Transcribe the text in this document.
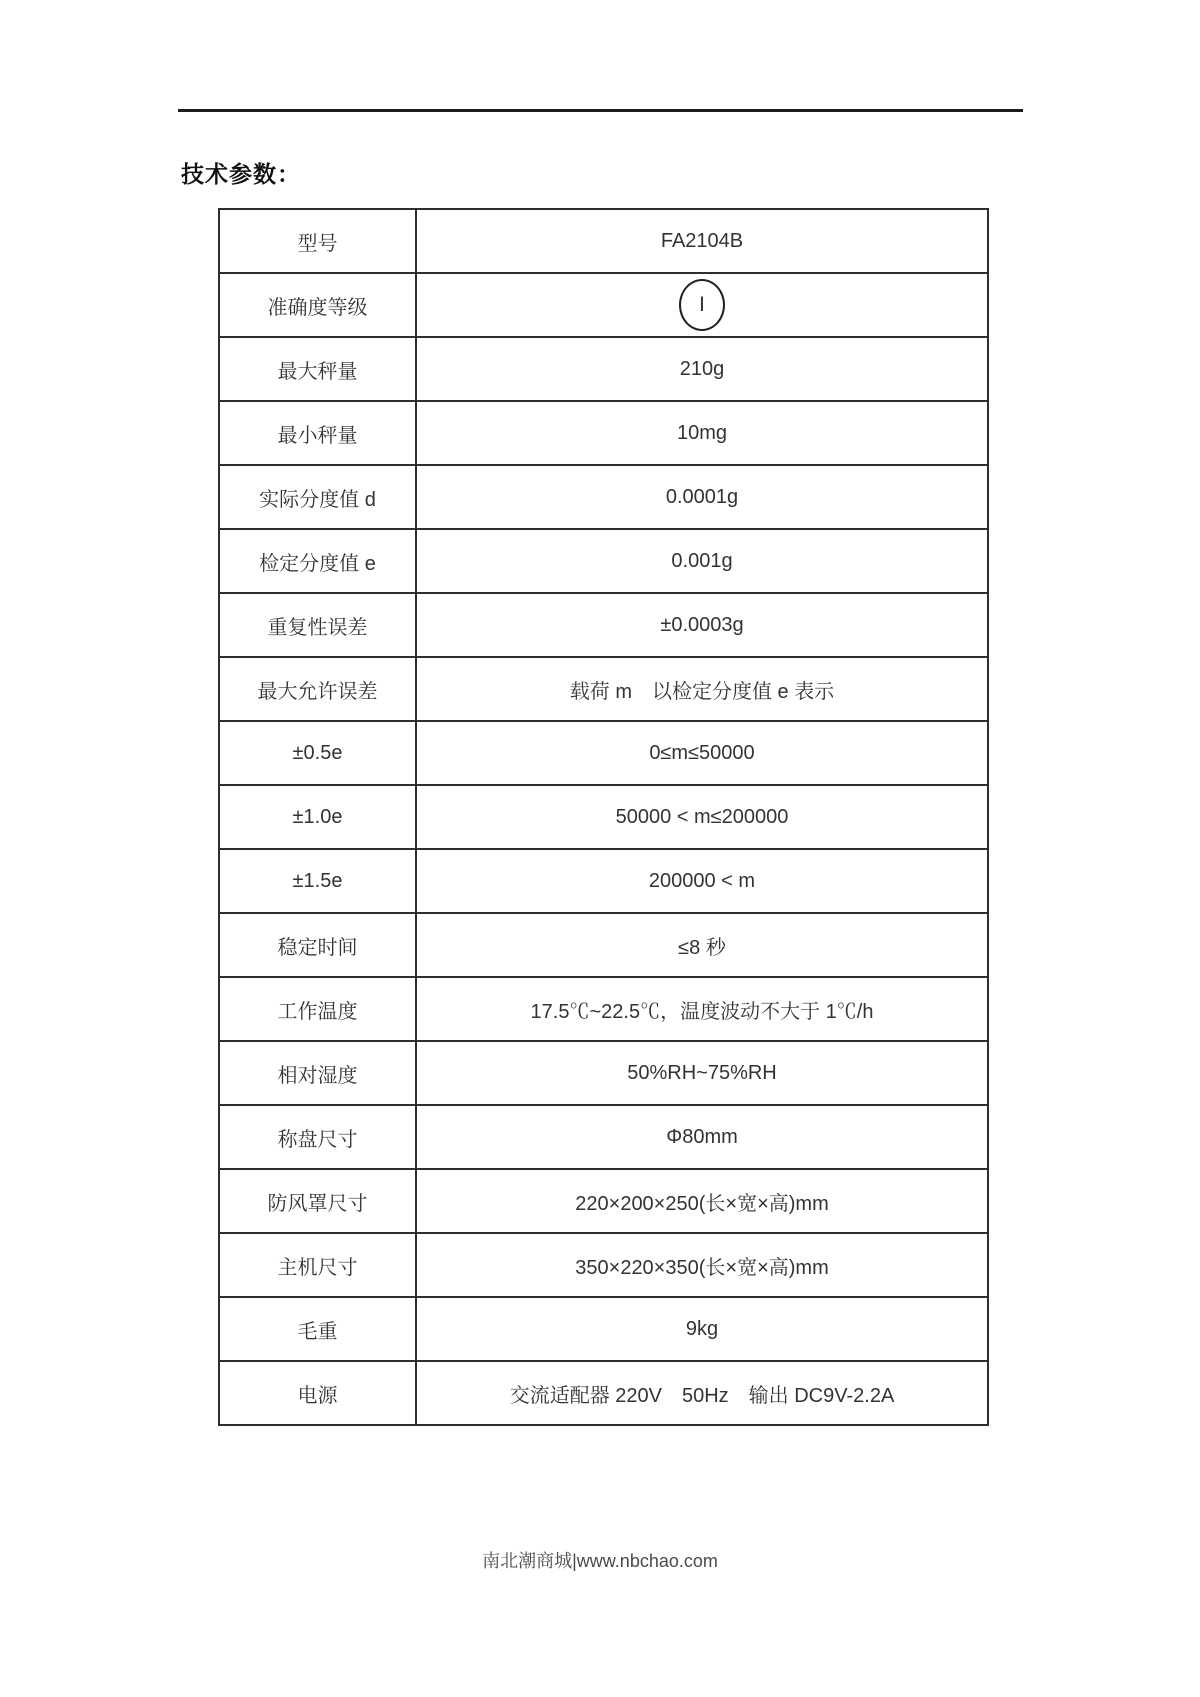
技术参数：
型号	FA2104B
准确度等级	Ⅰ
最大秤量	210g
最小秤量	10mg
实际分度值 d	0.0001g
检定分度值 e	0.001g
重复性误差	±0.0003g
最大允许误差	载荷 m　以检定分度值 e 表示
±0.5e	0≤m≤50000
±1.0e	50000 < m≤200000
±1.5e	200000 < m
稳定时间	≤8 秒
工作温度	17.5℃~22.5℃，温度波动不大于 1℃/h
相对湿度	50%RH~75%RH
称盘尺寸	Φ80mm
防风罩尺寸	220×200×250(长×宽×高)mm
主机尺寸	350×220×350(长×宽×高)mm
毛重	9kg
电源	交流适配器 220V　50Hz　输出 DC9V-2.2A
南北潮商城|www.nbchao.com
